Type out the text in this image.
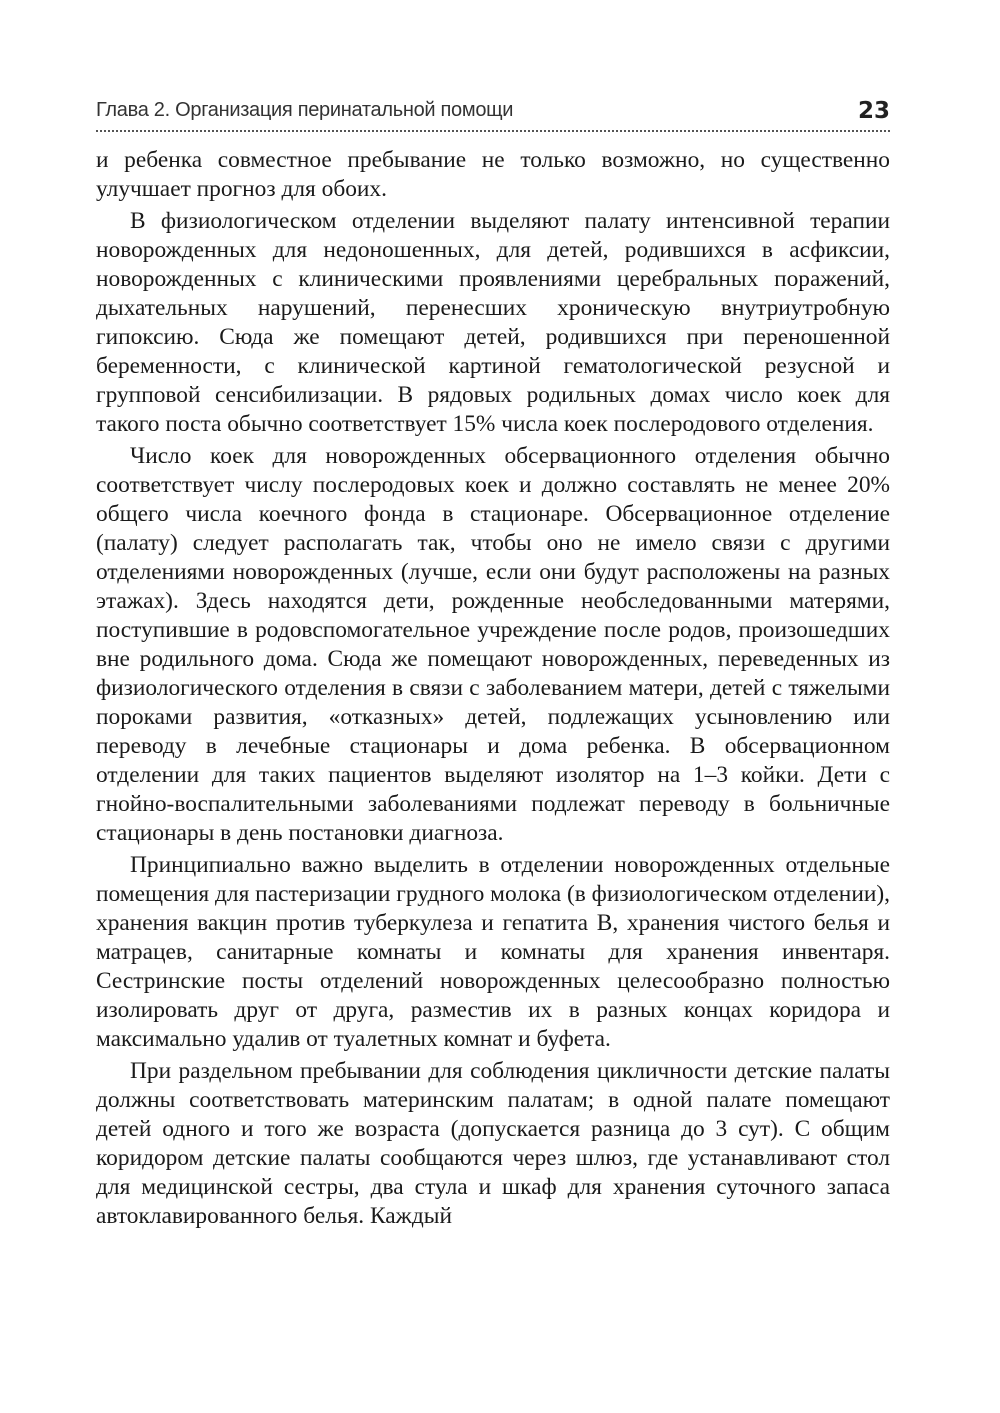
Глава 2. Организация перинатальной помощи	23

и ребенка совместное пребывание не только возможно, но существенно улучшает прогноз для обоих.

В физиологическом отделении выделяют палату интенсивной терапии новорожденных для недоношенных, для детей, родившихся в асфиксии, новорожденных с клиническими проявлениями церебральных поражений, дыхательных нарушений, перенесших хроническую внутриутробную гипоксию. Сюда же помещают детей, родившихся при переношенной беременности, с клинической картиной гематологической резусной и групповой сенсибилизации. В рядовых родильных домах число коек для такого поста обычно соответствует 15% числа коек послеродового отделения.

Число коек для новорожденных обсервационного отделения обычно соответствует числу послеродовых коек и должно составлять не менее 20% общего числа коечного фонда в стационаре. Обсервационное отделение (палату) следует располагать так, чтобы оно не имело связи с другими отделениями новорожденных (лучше, если они будут расположены на разных этажах). Здесь находятся дети, рожденные необследованными матерями, поступившие в родовспомогательное учреждение после родов, произошедших вне родильного дома. Сюда же помещают новорожденных, переведенных из физиологического отделения в связи с заболеванием матери, детей с тяжелыми пороками развития, «отказных» детей, подлежащих усыновлению или переводу в лечебные стационары и дома ребенка. В обсервационном отделении для таких пациентов выделяют изолятор на 1–3 койки. Дети с гнойно-воспалительными заболеваниями подлежат переводу в больничные стационары в день постановки диагноза.

Принципиально важно выделить в отделении новорожденных отдельные помещения для пастеризации грудного молока (в физиологическом отделении), хранения вакцин против туберкулеза и гепатита В, хранения чистого белья и матрацев, санитарные комнаты и комнаты для хранения инвентаря. Сестринские посты отделений новорожденных целесообразно полностью изолировать друг от друга, разместив их в разных концах коридора и максимально удалив от туалетных комнат и буфета.

При раздельном пребывании для соблюдения цикличности детские палаты должны соответствовать материнским палатам; в одной палате помещают детей одного и того же возраста (допускается разница до 3 сут). С общим коридором детские палаты сообщаются через шлюз, где устанавливают стол для медицинской сестры, два стула и шкаф для хранения суточного запаса автоклавированного белья. Каждый
